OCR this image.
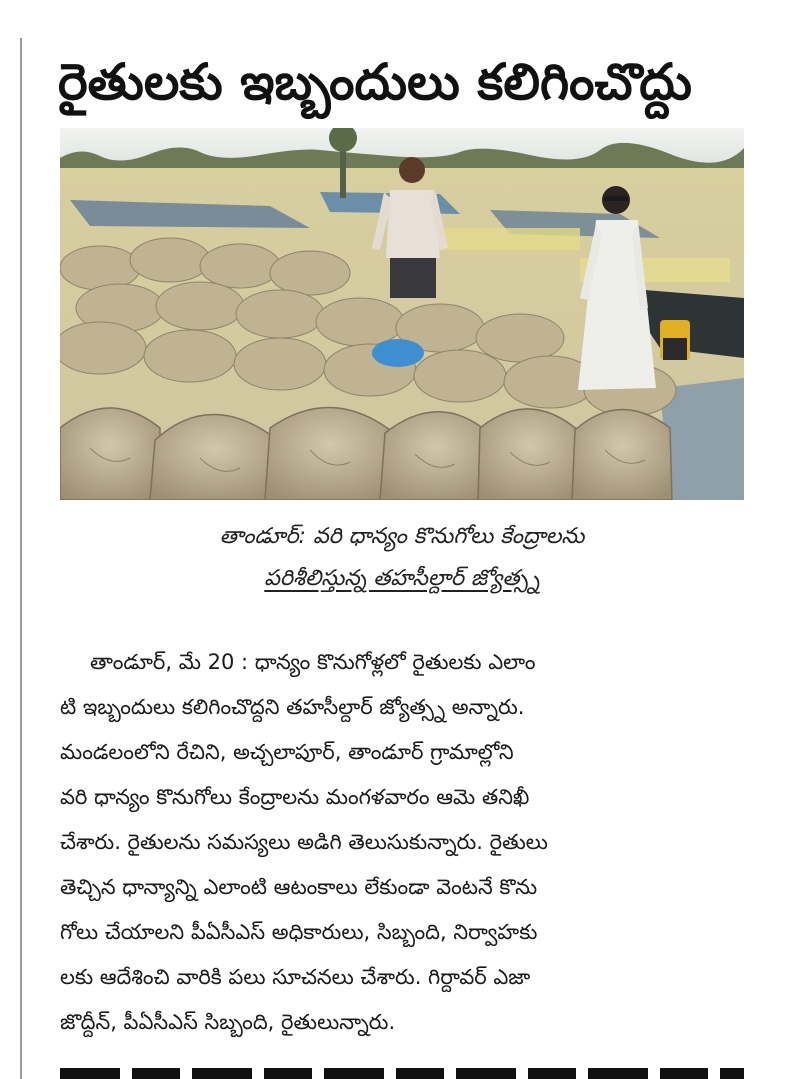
రైతులకు ఇబ్బందులు కలిగించొద్దు
తాండూర్: వరి ధాన్యం కొనుగోలు కేంద్రాలను
పరిశీలిస్తున్న తహసీల్దార్ జ్యోత్స్న
తాండూర్, మే 20 : ధాన్యం కొనుగోళ్లలో రైతులకు ఎలాం
టి ఇబ్బందులు కలిగించొద్దని తహసీల్దార్ జ్యోత్స్న అన్నారు.
మండలంలోని రేచిని, అచ్చలాపూర్, తాండూర్ గ్రామాల్లోని
వరి ధాన్యం కొనుగోలు కేంద్రాలను మంగళవారం ఆమె తనిఖీ
చేశారు. రైతులను సమస్యలు అడిగి తెలుసుకున్నారు. రైతులు
తెచ్చిన ధాన్యాన్ని ఎలాంటి ఆటంకాలు లేకుండా వెంటనే కొను
గోలు చేయాలని పీఏసీఎస్ అధికారులు, సిబ్బంది, నిర్వాహకు
లకు ఆదేశించి వారికి పలు సూచనలు చేశారు. గిర్దావర్ ఎజా
జొద్దీన్, పీఏసీఎస్ సిబ్బంది, రైతులున్నారు.
